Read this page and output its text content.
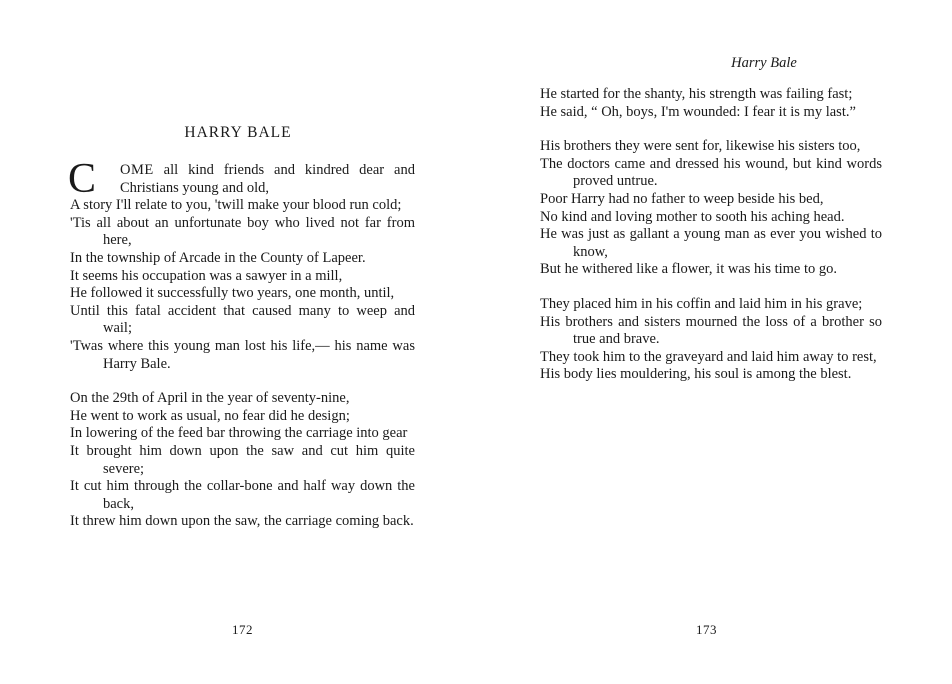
HARRY BALE
C OME all kind friends and kindred dear and Christians young and old,
A story I'll relate to you, 'twill make your blood run cold;
'Tis all about an unfortunate boy who lived not far from here,
In the township of Arcade in the County of Lapeer.
It seems his occupation was a sawyer in a mill,
He followed it successfully two years, one month, until,
Until this fatal accident that caused many to weep and wail;
'Twas where this young man lost his life,— his name was Harry Bale.
On the 29th of April in the year of seventy-nine,
He went to work as usual, no fear did he design;
In lowering of the feed bar throwing the carriage into gear
It brought him down upon the saw and cut him quite severe;
It cut him through the collar-bone and half way down the back,
It threw him down upon the saw, the carriage coming back.
172
Harry Bale
He started for the shanty, his strength was failing fast;
He said, “ Oh, boys, I'm wounded: I fear it is my last.”
His brothers they were sent for, likewise his sisters too,
The doctors came and dressed his wound, but kind words proved untrue.
Poor Harry had no father to weep beside his bed,
No kind and loving mother to sooth his aching head.
He was just as gallant a young man as ever you wished to know,
But he withered like a flower, it was his time to go.
They placed him in his coffin and laid him in his grave;
His brothers and sisters mourned the loss of a brother so true and brave.
They took him to the graveyard and laid him away to rest,
His body lies mouldering, his soul is among the blest.
173
